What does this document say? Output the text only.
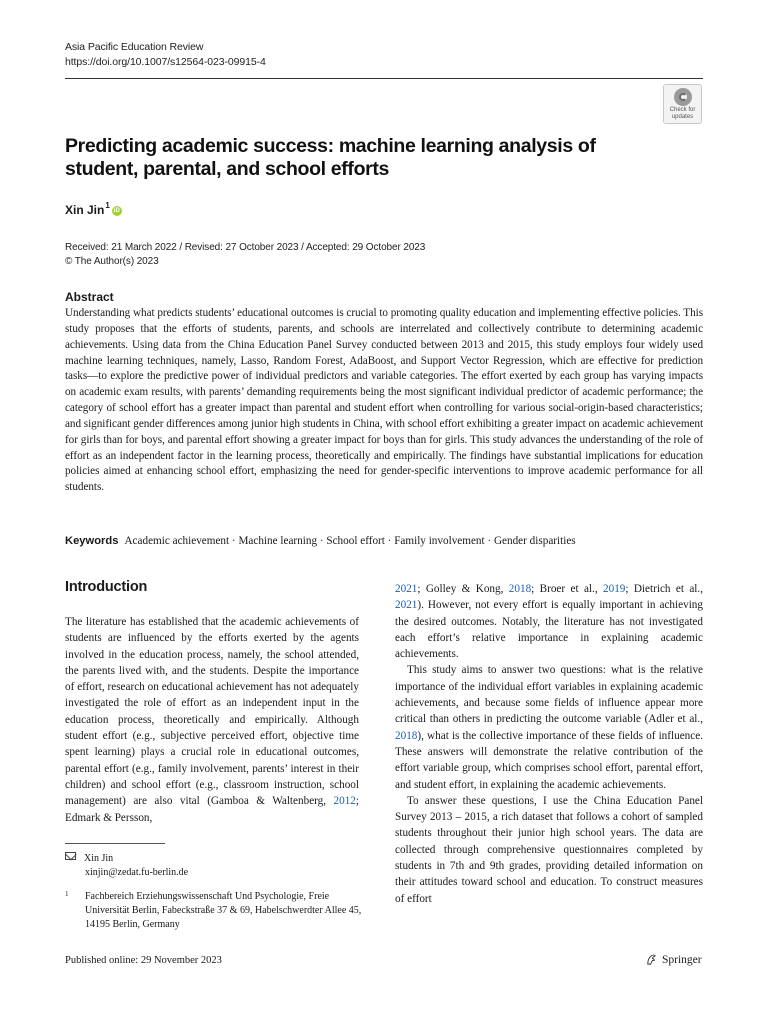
Asia Pacific Education Review
https://doi.org/10.1007/s12564-023-09915-4
Check for
updates
Predicting academic success: machine learning analysis of student, parental, and school efforts
Xin Jin$^1$
iD
Received: 21 March 2022 / Revised: 27 October 2023 / Accepted: 29 October 2023
© The Author(s) 2023
Abstract

Understanding what predicts students’ educational outcomes is crucial to promoting quality education and implementing effective policies. This study proposes that the efforts of students, parents, and schools are interrelated and collectively contribute to determining academic achievements. Using data from the China Education Panel Survey conducted between 2013 and 2015, this study employs four widely used machine learning techniques, namely, Lasso, Random Forest, AdaBoost, and Support Vector Regression, which are effective for prediction tasks—to explore the predictive power of individual predictors and variable categories. The effort exerted by each group has varying impacts on academic exam results, with parents’ demanding requirements being the most significant individual predictor of academic performance; the category of school effort has a greater impact than parental and student effort when controlling for various social-origin-based characteristics; and significant gender differences among junior high students in China, with school effort exhibiting a greater impact on academic achievement for girls than for boys, and parental effort showing a greater impact for boys than for girls. This study advances the understanding of the role of effort as an independent factor in the learning process, theoretically and empirically. The findings have substantial implications for education policies aimed at enhancing school effort, emphasizing the need for gender-specific interventions to improve academic performance for all students.

Keywords Academic achievement · Machine learning · School effort · Family involvement · Gender disparities
Introduction

The literature has established that the academic achievements of students are influenced by the efforts exerted by the agents involved in the education process, namely, the school attended, the parents lived with, and the students. Despite the importance of effort, research on educational achievement has not adequately investigated the role of effort as an independent input in the education process, theoretically and empirically. Although student effort (e.g., subjective perceived effort, objective time spent learning) plays a crucial role in educational outcomes, parental effort (e.g., family involvement, parents’ interest in their children) and school effort (e.g., classroom instruction, school management) are also vital (Gamboa & Waltenberg, 2012; Edmark & Persson,

2021; Golley & Kong, 2018; Broer et al., 2019; Dietrich et al., 2021). However, not every effort is equally important in achieving the desired outcomes. Notably, the literature has not investigated each effort’s relative importance in explaining academic achievements.

This study aims to answer two questions: what is the relative importance of the individual effort variables in explaining academic achievements, and because some fields of influence appear more critical than others in predicting the outcome variable (Adler et al., 2018), what is the collective importance of these fields of influence. These answers will demonstrate the relative contribution of the effort variable group, which comprises school effort, parental effort, and student effort, in explaining the academic achievements.

To answer these questions, I use the China Education Panel Survey 2013 – 2015, a rich dataset that follows a cohort of sampled students throughout their junior high school years. The data are collected through comprehensive questionnaires completed by students in 7th and 9th grades, providing detailed information on their attitudes toward school and education. To construct measures of effort

Xin Jin
xinjin@zedat.fu-berlin.de
1	Fachbereich Erziehungswissenschaft Und Psychologie, Freie Universität Berlin, Fabeckstraße 37 & 69, Habelschwerdter Allee 45, 14195 Berlin, Germany
Published online: 29 November 2023	Springer
